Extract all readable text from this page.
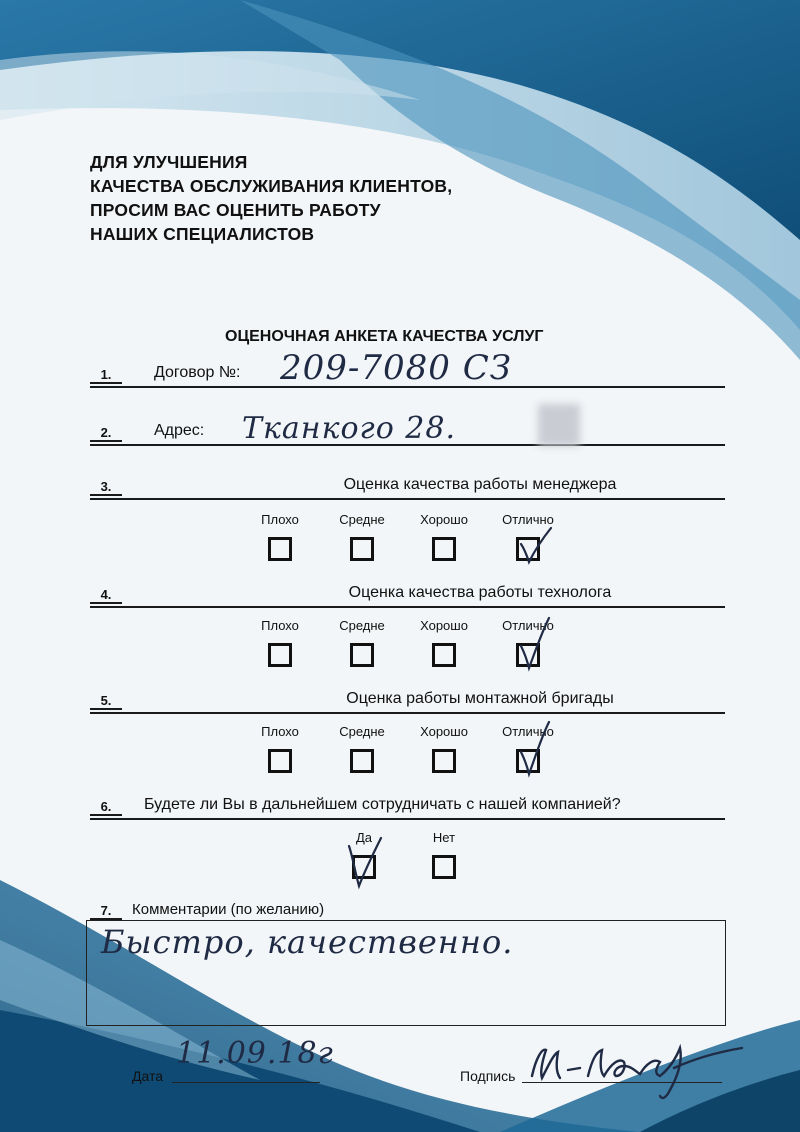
ДЛЯ УЛУЧШЕНИЯ
КАЧЕСТВА ОБСЛУЖИВАНИЯ КЛИЕНТОВ,
ПРОСИМ ВАС ОЦЕНИТЬ РАБОТУ
НАШИХ СПЕЦИАЛИСТОВ
ОЦЕНОЧНАЯ АНКЕТА КАЧЕСТВА УСЛУГ
1.	Договор №: 209-7080 СЗ
2.	Адрес: Тканкого 28.
3.	Оценка качества работы менеджера
Плохо	Средне	Хорошо	Отлично
4.	Оценка качества работы технолога
Плохо	Средне	Хорошо	Отлично
5.	Оценка работы монтажной бригады
Плохо	Средне	Хорошо	Отлично
6.	Будете ли Вы в дальнейшем сотрудничать с нашей компанией?
Да	Нет
7.	Комментарии (по желанию)
Быстро, качественно.
Дата
11.09.18г
Подпись
